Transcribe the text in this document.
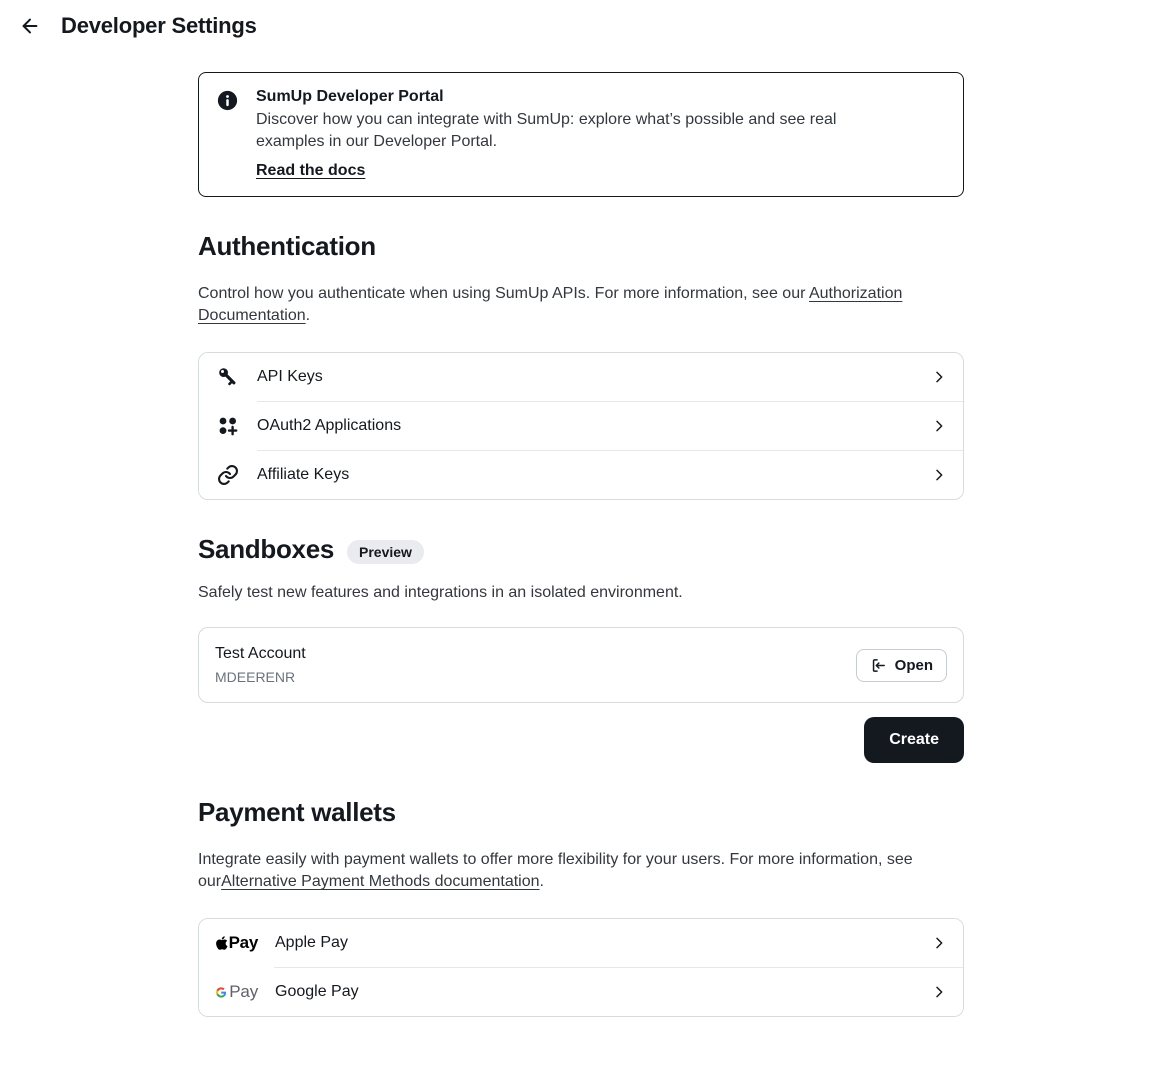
Developer Settings
SumUp Developer Portal

Discover how you can integrate with SumUp: explore what’s possible and see real examples in our Developer Portal.

Read the docs
Authentication

Control how you authenticate when using SumUp APIs. For more information, see our Authorization Documentation.

API Keys
OAuth2 Applications
Affiliate Keys
Sandboxes	Preview

Safely test new features and integrations in an isolated environment.

Test Account
MDEERENR
Open
Create
Payment wallets

Integrate easily with payment wallets to offer more flexibility for your users. For more information, see ourAlternative Payment Methods documentation.

Pay Apple Pay
Pay Google Pay
